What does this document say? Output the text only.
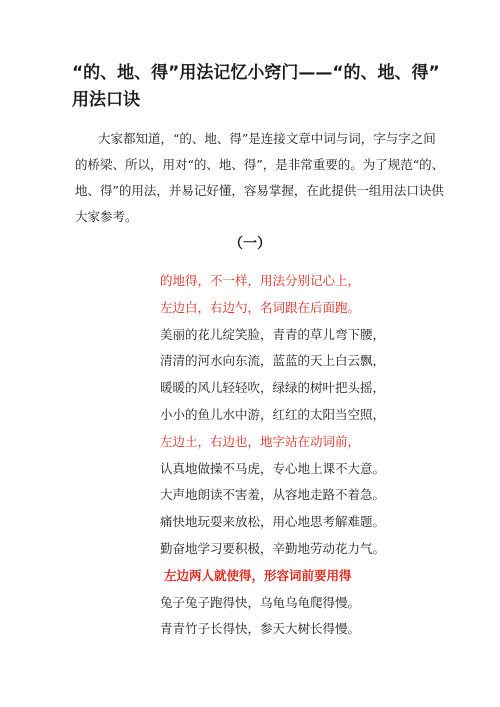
“的、地、得”用法记忆小窍门——“的、地、得”
用法口诀

大家都知道，“的、地、得”是连接文章中词与词，字与字之间
的桥梁、所以，用对“的、地、得”，是非常重要的。为了规范“的、
地、得”的用法，并易记好懂，容易掌握，在此提供一组用法口诀供
大家参考。

（一）
的地得，不一样，用法分别记心上，
左边白，右边勺，名词跟在后面跑。
美丽的花儿绽笑脸，青青的草儿弯下腰，
清清的河水向东流，蓝蓝的天上白云飘，
暖暖的风儿轻轻吹，绿绿的树叶把头摇，
小小的鱼儿水中游，红红的太阳当空照，
左边土，右边也，地字站在动词前，
认真地做操不马虎，专心地上课不大意。
大声地朗读不害羞，从容地走路不着急。
痛快地玩耍来放松，用心地思考解难题。
勤奋地学习要积极，辛勤地劳动花力气。
左边两人就使得，形容词前要用得
兔子兔子跑得快，乌龟乌龟爬得慢。
青青竹子长得快，参天大树长得慢。
